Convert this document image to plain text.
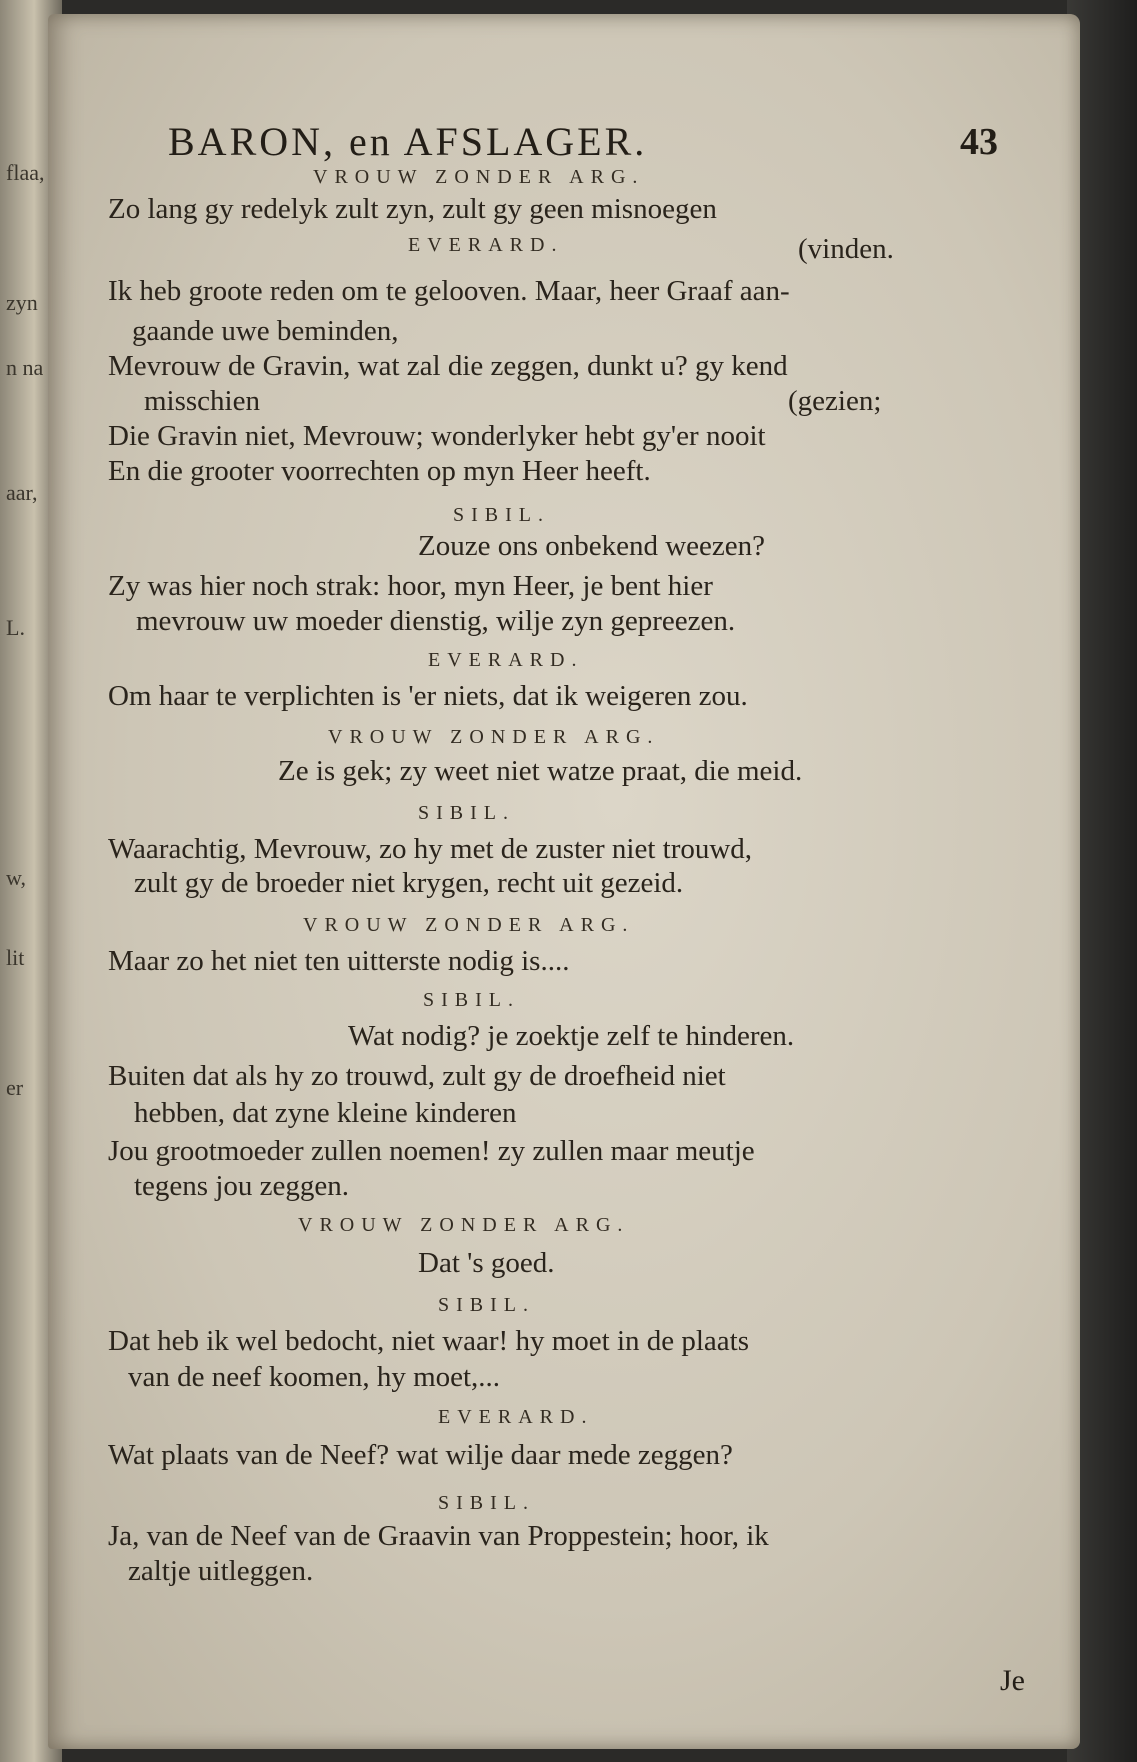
flaa,
zyn
n na
aar,
L.
w,
lit
er
BARON, en AFSLAGER.	43
VROUW ZONDER ARG.
Zo lang gy redelyk zult zyn, zult gy geen misnoegen
EVERARD.	(vinden.
Ik heb groote reden om te gelooven. Maar, heer Graaf aan-
gaande uwe beminden,
Mevrouw de Gravin, wat zal die zeggen, dunkt u? gy kend
misschien	(gezien;
Die Gravin niet, Mevrouw; wonderlyker hebt gy'er nooit
En die grooter voorrechten op myn Heer heeft.
SIBIL.
Zouze ons onbekend weezen?
Zy was hier noch strak: hoor, myn Heer, je bent hier
mevrouw uw moeder dienstig, wilje zyn gepreezen.
EVERARD.
Om haar te verplichten is 'er niets, dat ik weigeren zou.
VROUW ZONDER ARG.
Ze is gek; zy weet niet watze praat, die meid.
SIBIL.
Waarachtig, Mevrouw, zo hy met de zuster niet trouwd,
zult gy de broeder niet krygen, recht uit gezeid.
VROUW ZONDER ARG.
Maar zo het niet ten uitterste nodig is....
SIBIL.
Wat nodig? je zoektje zelf te hinderen.
Buiten dat als hy zo trouwd, zult gy de droefheid niet
hebben, dat zyne kleine kinderen
Jou grootmoeder zullen noemen! zy zullen maar meutje
tegens jou zeggen.
VROUW ZONDER ARG.
Dat 's goed.
SIBIL.
Dat heb ik wel bedocht, niet waar! hy moet in de plaats
van de neef koomen, hy moet,...
EVERARD.
Wat plaats van de Neef? wat wilje daar mede zeggen?
SIBIL.
Ja, van de Neef van de Graavin van Proppestein; hoor, ik
zaltje uitleggen.
Je
